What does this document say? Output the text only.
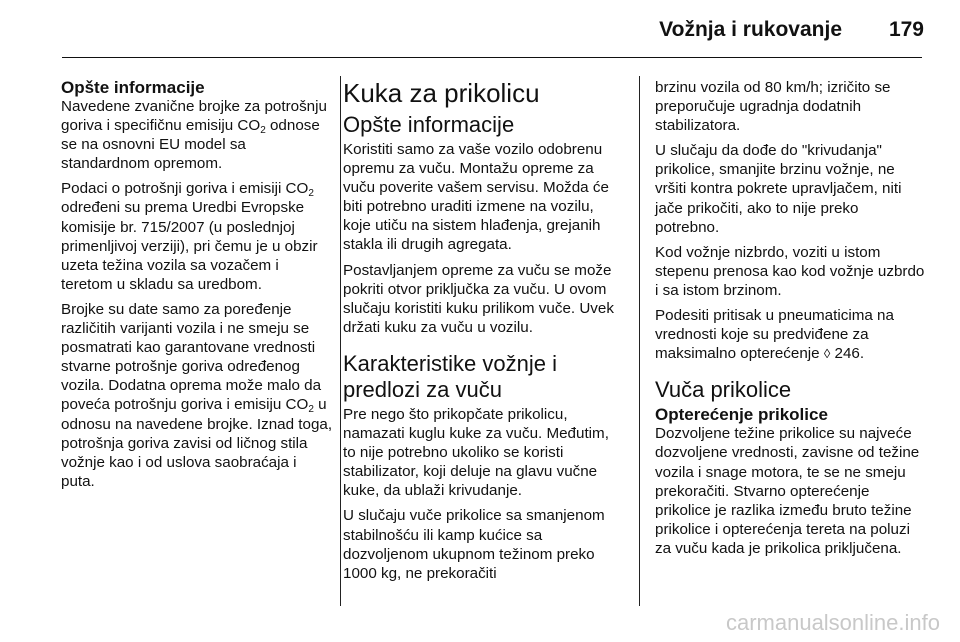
Vožnja i rukovanje 179
Opšte informacije

Navedene zvanične brojke za potrošnju goriva i specifičnu emisiju $CO_2$ odnose se na osnovni EU model sa standardnom opremom.

Podaci o potrošnji goriva i emisiji $CO_2$ određeni su prema Uredbi Evropske komisije br. 715/2007 (u poslednjoj primenljivoj verziji), pri čemu je u obzir uzeta težina vozila sa vozačem i teretom u skladu sa uredbom.

Brojke su date samo za poređenje različitih varijanti vozila i ne smeju se posmatrati kao garantovane vrednosti stvarne potrošnje goriva određenog vozila. Dodatna oprema može malo da poveća potrošnju goriva i emisiju $CO_2$ u odnosu na navedene brojke. Iznad toga, potrošnja goriva zavisi od ličnog stila vožnje kao i od uslova saobraćaja i puta.

Kuka za prikolicu
Opšte informacije

Koristiti samo za vaše vozilo odobrenu opremu za vuču. Montažu opreme za vuču poverite vašem servisu. Možda će biti potrebno uraditi izmene na vozilu, koje utiču na sistem hlađenja, grejanih stakla ili drugih agregata.

Postavljanjem opreme za vuču se može pokriti otvor priključka za vuču. U ovom slučaju koristiti kuku prilikom vuče. Uvek držati kuku za vuču u vozilu.

Karakteristike vožnje i predlozi za vuču

Pre nego što prikopčate prikolicu, namazati kuglu kuke za vuču. Međutim, to nije potrebno ukoliko se koristi stabilizator, koji deluje na glavu vučne kuke, da ublaži krivudanje.

U slučaju vuče prikolice sa smanjenom stabilnošću ili kamp kućice sa dozvoljenom ukupnom težinom preko 1000 kg, ne prekoračiti

brzinu vozila od 80 km/h; izričito se preporučuje ugradnja dodatnih stabilizatora.

U slučaju da dođe do "krivudanja" prikolice, smanjite brzinu vožnje, ne vršiti kontra pokrete upravljačem, niti jače prikočiti, ako to nije preko potrebno.

Kod vožnje nizbrdo, voziti u istom stepenu prenosa kao kod vožnje uzbrdo i sa istom brzinom.

Podesiti pritisak u pneumaticima na vrednosti koje su predviđene za maksimalno opterećenje ◊ 246.

Vuča prikolice
Opterećenje prikolice

Dozvoljene težine prikolice su najveće dozvoljene vrednosti, zavisne od težine vozila i snage motora, te se ne smeju prekoračiti. Stvarno opterećenje prikolice je razlika između bruto težine prikolice i opterećenja tereta na poluzi za vuču kada je prikolica priključena.

carmanualsonline.info
